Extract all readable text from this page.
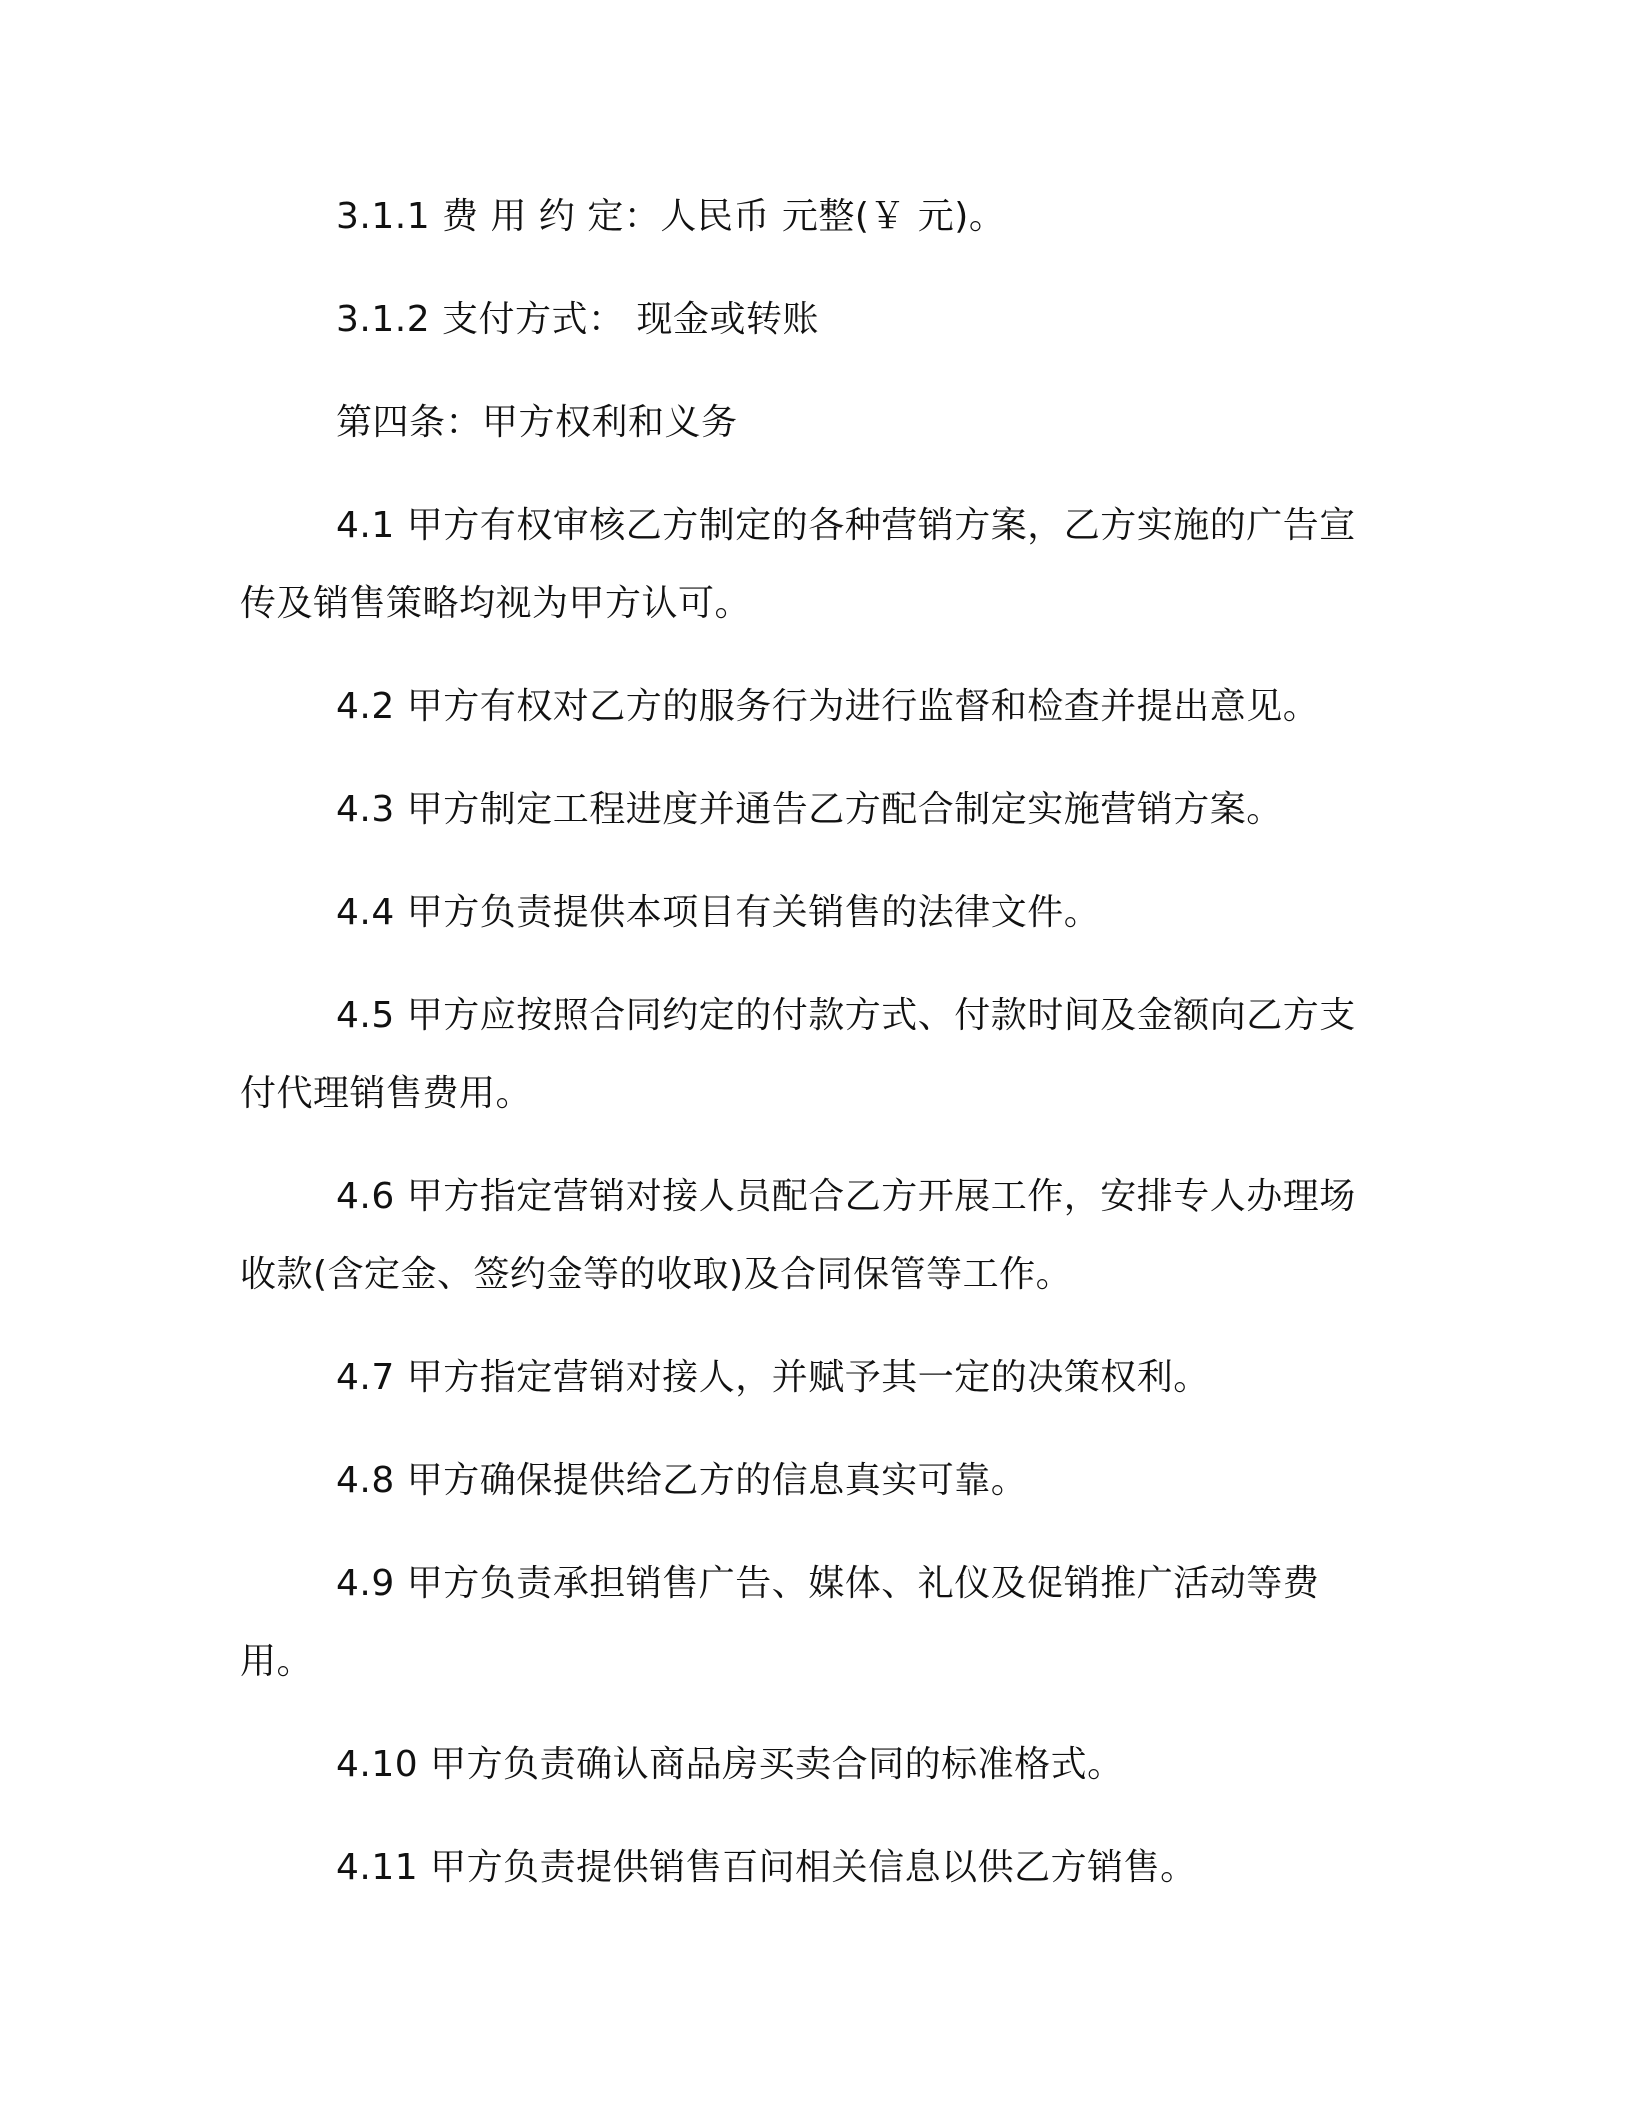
3.1.1 费 用 约 定：人民币 元整(￥ 元)。

3.1.2 支付方式： 现金或转账

第四条：甲方权利和义务

4.1 甲方有权审核乙方制定的各种营销方案，乙方实施的广告宣传及销售策略均视为甲方认可。

4.2 甲方有权对乙方的服务行为进行监督和检查并提出意见。

4.3 甲方制定工程进度并通告乙方配合制定实施营销方案。

4.4 甲方负责提供本项目有关销售的法律文件。

4.5 甲方应按照合同约定的付款方式、付款时间及金额向乙方支付代理销售费用。

4.6 甲方指定营销对接人员配合乙方开展工作，安排专人办理场收款(含定金、签约金等的收取)及合同保管等工作。

4.7 甲方指定营销对接人，并赋予其一定的决策权利。

4.8 甲方确保提供给乙方的信息真实可靠。

4.9 甲方负责承担销售广告、媒体、礼仪及促销推广活动等费用。

4.10 甲方负责确认商品房买卖合同的标准格式。

4.11 甲方负责提供销售百问相关信息以供乙方销售。
